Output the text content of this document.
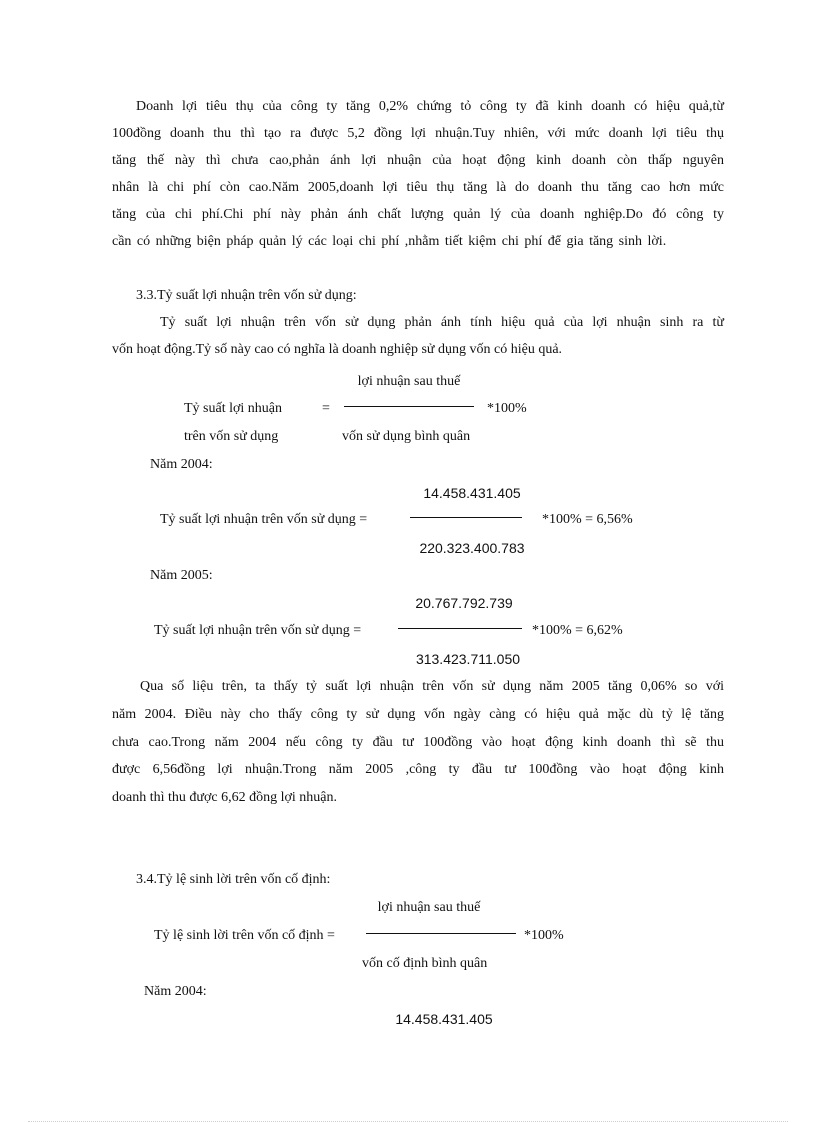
Doanh lợi tiêu thụ của công ty tăng 0,2% chứng tỏ công ty đã kinh doanh có hiệu quả,từ
100đồng doanh thu thì tạo ra được 5,2 đồng lợi nhuận.Tuy nhiên, với mức doanh lợi tiêu thụ
tăng thế này thì chưa cao,phản ánh lợi nhuận của hoạt động kinh doanh còn thấp nguyên
nhân là chi phí còn cao.Năm 2005,doanh lợi tiêu thụ tăng là do doanh thu tăng cao hơn mức
tăng của chi phí.Chi phí này phản ánh chất lượng quản lý của doanh nghiệp.Do đó công ty
cần có những biện pháp quản lý các loại chi phí ,nhằm tiết kiệm chi phí để gia tăng sinh lời.
3.3.Tỷ suất lợi nhuận trên vốn sử dụng:
Tỷ suất lợi nhuận trên vốn sử dụng phản ánh tính hiệu quả của lợi nhuận sinh ra từ
vốn hoạt động.Tỷ số này cao có nghĩa là doanh nghiệp sử dụng vốn có hiệu quả.
lợi nhuận sau thuế
Tỷ suất lợi nhuận	=	*100%
trên vốn sử dụng	vốn sử dụng bình quân
Năm 2004:
14.458.431.405
Tỷ suất lợi nhuận trên vốn sử dụng =	*100% = 6,56%
220.323.400.783
Năm 2005:
20.767.792.739
Tỷ suất lợi nhuận trên vốn sử dụng =	*100% = 6,62%
313.423.711.050
Qua số liệu trên, ta thấy tỷ suất lợi nhuận trên vốn sử dụng năm 2005 tăng 0,06% so với
năm 2004. Điều này cho thấy công ty sử dụng vốn ngày càng có hiệu quả mặc dù tỷ lệ tăng
chưa cao.Trong năm 2004 nếu công ty đầu tư 100đồng vào hoạt động kinh doanh thì sẽ thu
được 6,56đồng lợi nhuận.Trong năm 2005 ,công ty đầu tư 100đồng vào hoạt động kinh
doanh thì thu được 6,62 đồng lợi nhuận.
3.4.Tỷ lệ sinh lời trên vốn cố định:
lợi nhuận sau thuế
Tỷ lệ sinh lời trên vốn cố định =	*100%
vốn cố định bình quân
Năm 2004:
14.458.431.405
